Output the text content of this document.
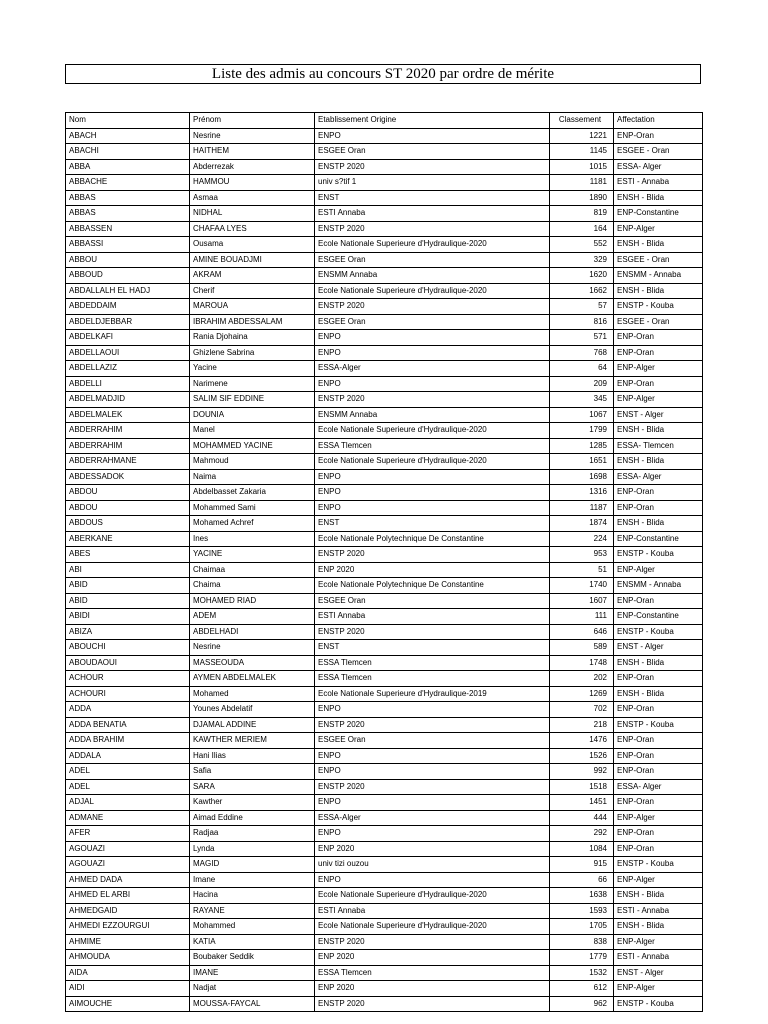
Liste des admis au concours ST 2020 par ordre de mérite
Nom	Prénom	Etablissement Origine	Classement	Affectation
ABACH	Nesrine	ENPO	1221	ENP-Oran
ABACHI	HAITHEM	ESGEE Oran	1145	ESGEE - Oran
ABBA	Abderrezak	ENSTP 2020	1015	ESSA- Alger
ABBACHE	HAMMOU	univ s?tif 1	1181	ESTI - Annaba
ABBAS	Asmaa	ENST	1890	ENSH - Blida
ABBAS	NIDHAL	ESTI Annaba	819	ENP-Constantine
ABBASSEN	CHAFAA LYES	ENSTP 2020	164	ENP-Alger
ABBASSI	Ousama	Ecole Nationale Superieure d'Hydraulique-2020	552	ENSH - Blida
ABBOU	AMINE BOUADJMI	ESGEE Oran	329	ESGEE - Oran
ABBOUD	AKRAM	ENSMM Annaba	1620	ENSMM - Annaba
ABDALLALH EL HADJ	Cherif	Ecole Nationale Superieure d'Hydraulique-2020	1662	ENSH - Blida
ABDEDDAIM	MAROUA	ENSTP 2020	57	ENSTP - Kouba
ABDELDJEBBAR	IBRAHIM ABDESSALAM	ESGEE Oran	816	ESGEE - Oran
ABDELKAFI	Rania Djohaina	ENPO	571	ENP-Oran
ABDELLAOUI	Ghizlene Sabrina	ENPO	768	ENP-Oran
ABDELLAZIZ	Yacine	ESSA-Alger	64	ENP-Alger
ABDELLI	Narimene	ENPO	209	ENP-Oran
ABDELMADJID	SALIM SIF EDDINE	ENSTP 2020	345	ENP-Alger
ABDELMALEK	DOUNIA	ENSMM Annaba	1067	ENST - Alger
ABDERRAHIM	Manel	Ecole Nationale Superieure d'Hydraulique-2020	1799	ENSH - Blida
ABDERRAHIM	MOHAMMED YACINE	ESSA Tlemcen	1285	ESSA- Tlemcen
ABDERRAHMANE	Mahmoud	Ecole Nationale Superieure d'Hydraulique-2020	1651	ENSH - Blida
ABDESSADOK	Naima	ENPO	1698	ESSA- Alger
ABDOU	Abdelbasset Zakaria	ENPO	1316	ENP-Oran
ABDOU	Mohammed Sami	ENPO	1187	ENP-Oran
ABDOUS	Mohamed Achref	ENST	1874	ENSH - Blida
ABERKANE	Ines	Ecole Nationale Polytechnique De Constantine	224	ENP-Constantine
ABES	YACINE	ENSTP 2020	953	ENSTP - Kouba
ABI	Chaimaa	ENP 2020	51	ENP-Alger
ABID	Chaima	Ecole Nationale Polytechnique De Constantine	1740	ENSMM - Annaba
ABID	MOHAMED RIAD	ESGEE Oran	1607	ENP-Oran
ABIDI	ADEM	ESTI Annaba	111	ENP-Constantine
ABIZA	ABDELHADI	ENSTP 2020	646	ENSTP - Kouba
ABOUCHI	Nesrine	ENST	589	ENST - Alger
ABOUDAOUI	MASSEOUDA	ESSA Tlemcen	1748	ENSH - Blida
ACHOUR	AYMEN ABDELMALEK	ESSA Tlemcen	202	ENP-Oran
ACHOURI	Mohamed	Ecole Nationale Superieure d'Hydraulique-2019	1269	ENSH - Blida
ADDA	Younes Abdelatif	ENPO	702	ENP-Oran
ADDA BENATIA	DJAMAL ADDINE	ENSTP 2020	218	ENSTP - Kouba
ADDA BRAHIM	KAWTHER MERIEM	ESGEE Oran	1476	ENP-Oran
ADDALA	Hani Ilias	ENPO	1526	ENP-Oran
ADEL	Safia	ENPO	992	ENP-Oran
ADEL	SARA	ENSTP 2020	1518	ESSA- Alger
ADJAL	Kawther	ENPO	1451	ENP-Oran
ADMANE	Aimad Eddine	ESSA-Alger	444	ENP-Alger
AFER	Radjaa	ENPO	292	ENP-Oran
AGOUAZI	Lynda	ENP 2020	1084	ENP-Oran
AGOUAZI	MAGID	univ tizi ouzou	915	ENSTP - Kouba
AHMED DADA	Imane	ENPO	66	ENP-Alger
AHMED EL ARBI	Hacina	Ecole Nationale Superieure d'Hydraulique-2020	1638	ENSH - Blida
AHMEDGAID	RAYANE	ESTI Annaba	1593	ESTI - Annaba
AHMEDI EZZOURGUI	Mohammed	Ecole Nationale Superieure d'Hydraulique-2020	1705	ENSH - Blida
AHMIME	KATIA	ENSTP 2020	838	ENP-Alger
AHMOUDA	Boubaker Seddik	ENP 2020	1779	ESTI - Annaba
AIDA	IMANE	ESSA Tlemcen	1532	ENST - Alger
AIDI	Nadjat	ENP 2020	612	ENP-Alger
AIMOUCHE	MOUSSA-FAYCAL	ENSTP 2020	962	ENSTP - Kouba
